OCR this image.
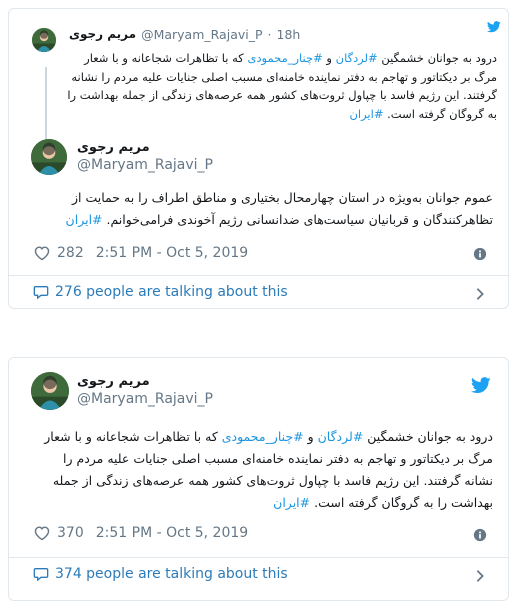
مریم رجوی @Maryam_Rajavi_P · 18h
درود به جوانان خشمگین #لردگان و #چنار_محمودی که با تظاهرات شجاعانه و با شعار مرگ بر دیکتاتور و تهاجم به دفتر نماینده خامنه‌ای مسبب اصلی جنایات علیه مردم را نشانه گرفتند. این رژیم فاسد با چپاول ثروت‌های کشور همه عرصه‌های زندگی از جمله بهداشت را به گروگان گرفته است. #ایران
مریم رجوی
@Maryam_Rajavi_P
عموم جوانان به‌ویژه در استان چهارمحال بختیاری و مناطق اطراف را به حمایت از تظاهرکنندگان و قربانیان سیاست‌های ضدانسانی رژیم آخوندی فرامی‌خوانم. #ایران
282 2:51 PM - Oct 5, 2019
276 people are talking about this
مریم رجوی
@Maryam_Rajavi_P
درود به جوانان خشمگین #لردگان و #چنار_محمودی که با تظاهرات شجاعانه و با شعار مرگ بر دیکتاتور و تهاجم به دفتر نماینده خامنه‌ای مسبب اصلی جنایات علیه مردم را نشانه گرفتند. این رژیم فاسد با چپاول ثروت‌های کشور همه عرصه‌های زندگی از جمله بهداشت را به گروگان گرفته است. #ایران
370 2:51 PM - Oct 5, 2019
374 people are talking about this
